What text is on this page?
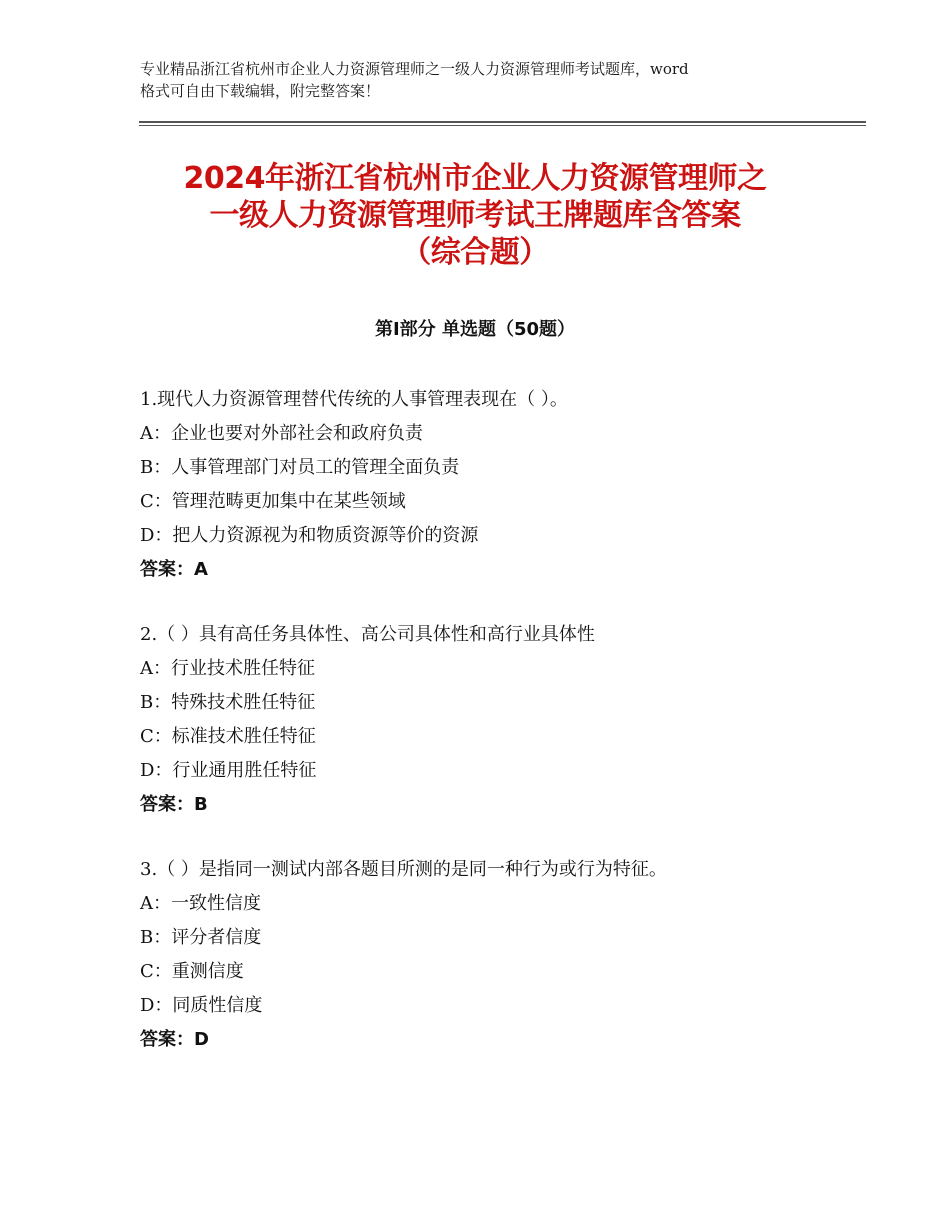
专业精品浙江省杭州市企业人力资源管理师之一级人力资源管理师考试题库，word
格式可自由下载编辑，附完整答案！
2024年浙江省杭州市企业人力资源管理师之
一级人力资源管理师考试王牌题库含答案
（综合题）
第Ⅰ部分 单选题（50题）
1.现代人力资源管理替代传统的人事管理表现在（ ）。
A：企业也要对外部社会和政府负责
B：人事管理部门对员工的管理全面负责
C：管理范畴更加集中在某些领域
D：把人力资源视为和物质资源等价的资源
答案：A
2.（ ）具有高任务具体性、高公司具体性和高行业具体性
A：行业技术胜任特征
B：特殊技术胜任特征
C：标准技术胜任特征
D：行业通用胜任特征
答案：B
3.（ ）是指同一测试内部各题目所测的是同一种行为或行为特征。
A：一致性信度
B：评分者信度
C：重测信度
D：同质性信度
答案：D
